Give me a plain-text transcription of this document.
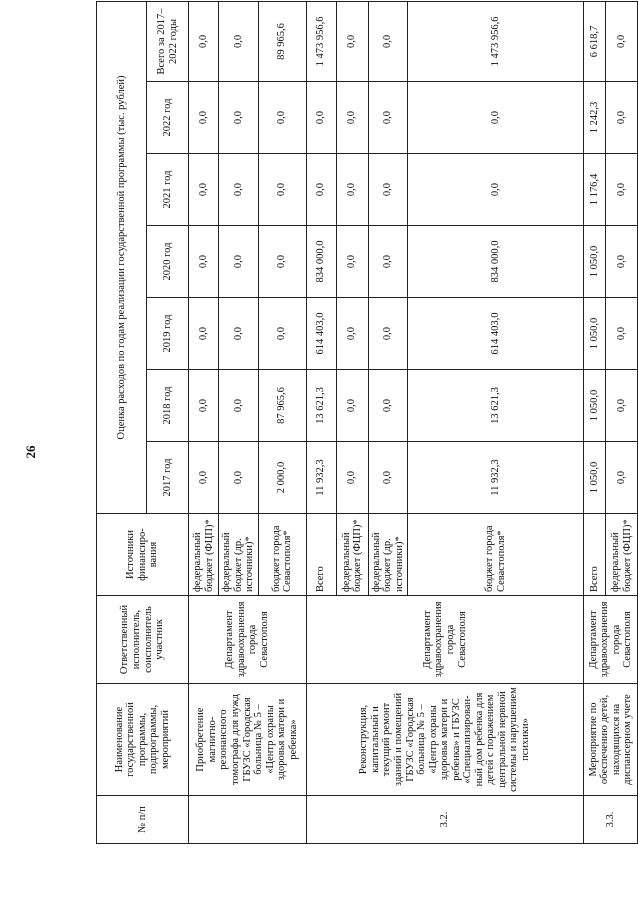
26
№ п/п	Наименование государственной программы, подпрограммы, мероприятий	Ответственный исполнитель, соисполнитель участник	Источники финансиро-вания	Оценка расходов по годам реализации государственной программы (тыс. рублей)						
				2017 год	2018 год	2019 год	2020 год	2021 год	2022 год	Всего за 2017–2022 годы
	Приобретение магнитно-резонансного томографа для нужд ГБУЗС «Городская больница № 5 – «Центр охраны здоровья матери и ребенка»	Департамент здравоохранения города Севастополя	федеральный бюджет (ФЦП)*	0,0	0,0	0,0	0,0	0,0	0,0	0,0
			федеральный бюджет (др. источники)*	0,0	0,0	0,0	0,0	0,0	0,0	0,0
			бюджет города Севастополя*	2 000,0	87 965,6	0,0	0,0	0,0	0,0	89 965,6
3.2.	Реконструкция, капитальный и текущий ремонт зданий и помещений ГБУЗС «Городская больница № 5 – «Центр охраны здоровья матери и ребенка» и ГБУЗС «Специализирован-ный дом ребенка для детей с поражением центральной нервной системы и нарушением психики»	Департамент здравоохранения города Севастополя	Всего	11 932,3	13 621,3	614 403,0	834 000,0	0,0	0,0	1 473 956,6
			федеральный бюджет (ФЦП)*	0,0	0,0	0,0	0,0	0,0	0,0	0,0
			федеральный бюджет (др. источники)*	0,0	0,0	0,0	0,0	0,0	0,0	0,0
			бюджет города Севастополя*	11 932,3	13 621,3	614 403,0	834 000,0	0,0	0,0	1 473 956,6
3.3.	Мероприятие по обеспечению детей, находящихся на диспансерном учете	Департамент здравоохранения города Севастополя	Всего	1 050,0	1 050,0	1 050,0	1 050,0	1 176,4	1 242,3	6 618,7
			федеральный бюджет (ФЦП)*	0,0	0,0	0,0	0,0	0,0	0,0	0,0
